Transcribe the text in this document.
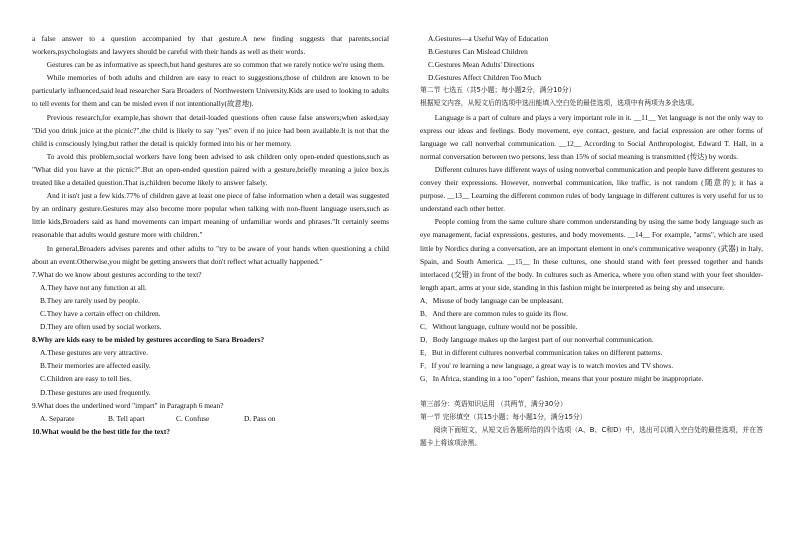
a false answer to a question accompanied by that gesture.A new finding suggests that parents,social workers,psychologists and lawyers should be careful with their hands as well as their words.

Gestures can be as informative as speech,but hand gestures are so common that we rarely notice we're using them.

While memories of both adults and children are easy to react to suggestions,those of children are known to be particularly influenced,said lead researcher Sara Broaders of Northwestern University.Kids are used to looking to adults to tell events for them and can be misled even if not intentionally(故意地).

Previous research,for example,has shown that detail-loaded questions often cause false answers;when asked,say "Did you drink juice at the picnic?",the child is likely to say "yes" even if no juice had been available.It is not that the child is consciously lying,but rather the detail is quickly formed into his or her memory.

To avoid this problem,social workers have long been advised to ask children only open-ended questions,such as "What did you have at the picnic?".But an open-ended question paired with a gesture,briefly meaning a juice box,is treated like a detailed question.That is,children become likely to answer falsely.

And it isn't just a few kids.77% of children gave at least one piece of false information when a detail was suggested by an ordinary gesture.Gestures may also become more popular when talking with non-fluent language users,such as little kids,Broaders said as hand movements can impart meaning of unfamiliar words and phrases."It certainly seems reasonable that adults would gesture more with children."

In general,Broaders advises parents and other adults to "try to be aware of your hands when questioning a child about an event.Otherwise,you might be getting answers that don't reflect what actually happened."

7.What do we know about gestures according to the text?

A.They have not any function at all.

B.They are rarely used by people.

C.They have a certain effect on children.

D.They are often used by social workers.

8.Why are kids easy to be misled by gestures according to Sara Broaders?

A.These gestures are very attractive.

B.Their memories are affected easily.

C.Children are easy to tell lies.

D.These gestures are used frequently.

9.What does the underlined word "impart" in Paragraph 6 mean?

A. Separate	B. Tell apart	C. Confuse	D. Pass on

10.What would be the best title for the text?

A.Gestures—a Useful Way of Education

B.Gestures Can Mislead Children

C.Gestures Mean Adults' Directions

D.Gestures Affect Children Too Much

第二节 七选五（共5小题；每小题2分，满分10分）

根据短文内容，从短文后的选项中选出能填入空白处的最佳选项，选项中有两项为多余选项。

Language is a part of culture and plays a very important role in it. __11__ Yet language is not the only way to express our ideas and feelings. Body movement, eye contact, gesture, and facial expression are other forms of language we call nonverbal communication. __12__ According to Social Anthropologist, Edward T. Hall, in a normal conversation between two persons, less than 15% of social meaning is transmitted (传达) by words.

Different cultures have different ways of using nonverbal communication and people have different gestures to convey their expressions. However, nonverbal communication, like traffic, is not random (随意的); it has a purpose. __13__ Learning the different common rules of body language in different cultures is very useful for us to understand each other better.

People coming from the same culture share common understanding by using the same body language such as eye management, facial expressions, gestures, and body movements. __14__ For example, "arms", which are used little by Nordics during a conversation, are an important element in one's communicative weaponry (武器) in Italy, Spain, and South America. __15__ In these cultures, one should stand with feet pressed together and hands interlaced (交错) in front of the body. In cultures such as America, where you often stand with your feet shoulder-length apart, arms at your side, standing in this fashion might be interpreted as being shy and unsecure.

A．Misuse of body language can be unpleasant.

B．And there are common rules to guide its flow.

C．Without language, culture would not be possible.

D．Body language makes up the largest part of our nonverbal communication.

E．But in different cultures nonverbal communication takes on different patterns.

F．If you' re learning a new language, a great way is to watch movies and TV shows.

G．In Africa, standing in a too "open" fashion, means that your posture might be inappropriate.

第三部分：英语知识运用 （共两节，满分30分）

第一节 完形填空（共15小题；每小题1分，满分15分）

阅读下面短文，从短文后各题所给的四个选项（A、B、C和D）中，选出可以填入空白处的最佳选项，并在答题卡上将该项涂黑。
